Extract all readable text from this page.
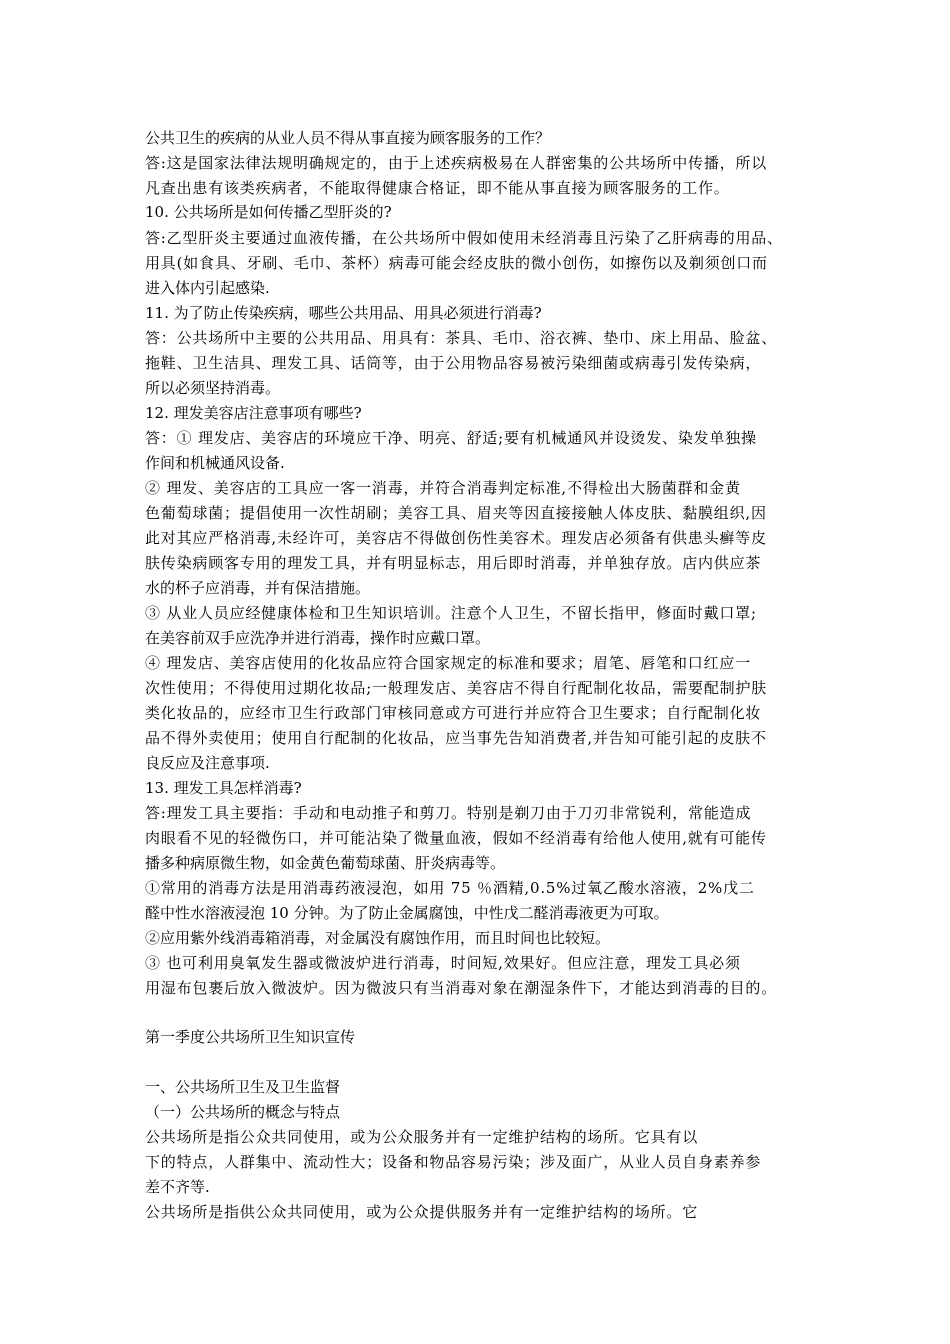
公共卫生的疾病的从业人员不得从事直接为顾客服务的工作？
答:这是国家法律法规明确规定的，由于上述疾病极易在人群密集的公共场所中传播，所以
凡查出患有该类疾病者，不能取得健康合格证，即不能从事直接为顾客服务的工作。
10. 公共场所是如何传播乙型肝炎的?
答:乙型肝炎主要通过血液传播，在公共场所中假如使用未经消毒且污染了乙肝病毒的用品、
用具(如食具、牙刷、毛巾、茶杯）病毒可能会经皮肤的微小创伤，如擦伤以及剃须创口而
进入体内引起感染.
11. 为了防止传染疾病，哪些公共用品、用具必须进行消毒?
答：公共场所中主要的公共用品、用具有：茶具、毛巾、浴衣裤、垫巾、床上用品、脸盆、
拖鞋、卫生洁具、理发工具、话筒等，由于公用物品容易被污染细菌或病毒引发传染病，
所以必须坚持消毒。
12. 理发美容店注意事项有哪些?
答：① 理发店、美容店的环境应干净、明亮、舒适;要有机械通风并设烫发、染发单独操
作间和机械通风设备.
② 理发、美容店的工具应一客一消毒，并符合消毒判定标准,不得检出大肠菌群和金黄
色葡萄球菌；提倡使用一次性胡刷；美容工具、眉夹等因直接接触人体皮肤、黏膜组织,因
此对其应严格消毒,未经许可，美容店不得做创伤性美容术。理发店必须备有供患头癣等皮
肤传染病顾客专用的理发工具，并有明显标志，用后即时消毒，并单独存放。店内供应茶
水的杯子应消毒，并有保洁措施。
③ 从业人员应经健康体检和卫生知识培训。注意个人卫生，不留长指甲，修面时戴口罩;
在美容前双手应洗净并进行消毒，操作时应戴口罩。
④ 理发店、美容店使用的化妆品应符合国家规定的标准和要求；眉笔、唇笔和口红应一
次性使用；不得使用过期化妆品;一般理发店、美容店不得自行配制化妆品，需要配制护肤
类化妆品的，应经市卫生行政部门审核同意或方可进行并应符合卫生要求；自行配制化妆
品不得外卖使用；使用自行配制的化妆品，应当事先告知消费者,并告知可能引起的皮肤不
良反应及注意事项.
13. 理发工具怎样消毒?
答:理发工具主要指：手动和电动推子和剪刀。特别是剃刀由于刀刃非常锐利，常能造成
肉眼看不见的轻微伤口，并可能沾染了微量血液，假如不经消毒有给他人使用,就有可能传
播多种病原微生物，如金黄色葡萄球菌、肝炎病毒等。
①常用的消毒方法是用消毒药液浸泡，如用 75 ％酒精,0.5%过氧乙酸水溶液，2%戊二
醛中性水溶液浸泡 10 分钟。为了防止金属腐蚀，中性戊二醛消毒液更为可取。
②应用紫外线消毒箱消毒，对金属没有腐蚀作用，而且时间也比较短。
③ 也可利用臭氧发生器或微波炉进行消毒，时间短,效果好。但应注意，理发工具必须
用湿布包裹后放入微波炉。因为微波只有当消毒对象在潮湿条件下，才能达到消毒的目的。
第一季度公共场所卫生知识宣传
一、公共场所卫生及卫生监督
（一）公共场所的概念与特点
公共场所是指公众共同使用，或为公众服务并有一定维护结构的场所。它具有以
下的特点，人群集中、流动性大；设备和物品容易污染；涉及面广，从业人员自身素养参
差不齐等.
公共场所是指供公众共同使用，或为公众提供服务并有一定维护结构的场所。它
